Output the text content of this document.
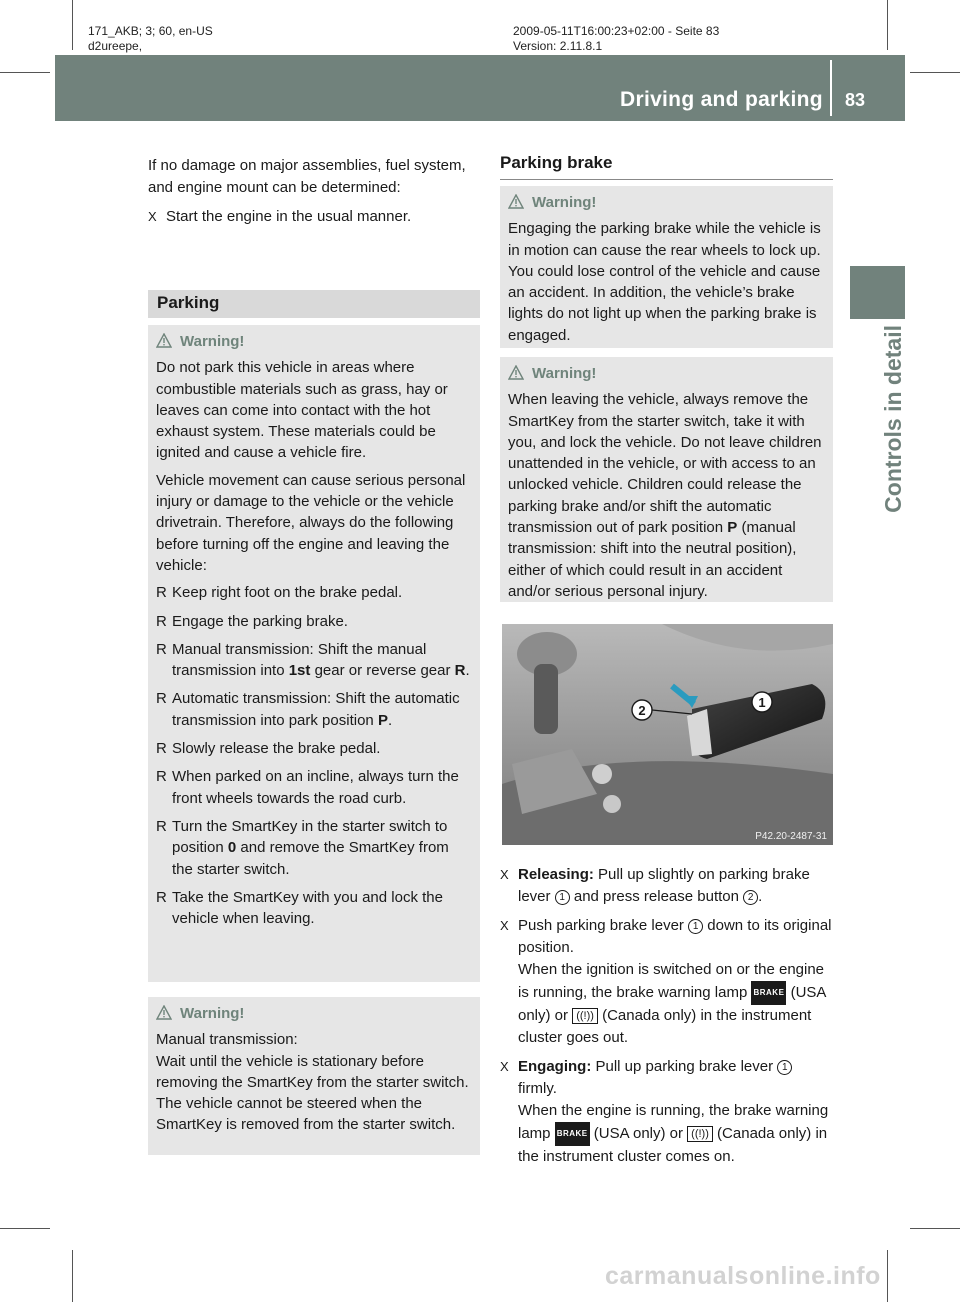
171_AKB; 3; 60, en-US
d2ureepe,
2009-05-11T16:00:23+02:00 - Seite 83
Version: 2.11.8.1
Driving and parking 83
Controls in detail

If no damage on major assemblies, fuel system, and engine mount can be determined:

X Start the engine in the usual manner.
Parking
Warning!

Do not park this vehicle in areas where combustible materials such as grass, hay or leaves can come into contact with the hot exhaust system. These materials could be ignited and cause a vehicle fire.

Vehicle movement can cause serious personal injury or damage to the vehicle or the vehicle drivetrain. Therefore, always do the following before turning off the engine and leaving the vehicle:

R Keep right foot on the brake pedal.
R Engage the parking brake.
R Manual transmission: Shift the manual transmission into 1st gear or reverse gear R.
R Automatic transmission: Shift the automatic transmission into park position P.
R Slowly release the brake pedal.
R When parked on an incline, always turn the front wheels towards the road curb.
R Turn the SmartKey in the starter switch to position 0 and remove the SmartKey from the starter switch.
R Take the SmartKey with you and lock the vehicle when leaving.
Warning!
Manual transmission:
Wait until the vehicle is stationary before removing the SmartKey from the starter switch. The vehicle cannot be steered when the SmartKey is removed from the starter switch.
Parking brake
Warning!
Engaging the parking brake while the vehicle is in motion can cause the rear wheels to lock up. You could lose control of the vehicle and cause an accident. In addition, the vehicle’s brake lights do not light up when the parking brake is engaged.
Warning!
When leaving the vehicle, always remove the SmartKey from the starter switch, take it with you, and lock the vehicle. Do not leave children unattended in the vehicle, or with access to an unlocked vehicle. Children could release the parking brake and/or shift the automatic transmission out of park position P (manual transmission: shift into the neutral position), either of which could result in an accident and/or serious personal injury.
2
1
P42.20-2487-31
X Releasing: Pull up slightly on parking brake lever 1 and press release button 2 .
X Push parking brake lever 1 down to its original position.
When the ignition is switched on or the engine is running, the brake warning lamp BRAKE (USA only) or ((!)) (Canada only) in the instrument cluster goes out.
X Engaging: Pull up parking brake lever 1 firmly.
When the engine is running, the brake warning lamp BRAKE (USA only) or ((!)) (Canada only) in the instrument cluster comes on.
carmanualsonline.info
